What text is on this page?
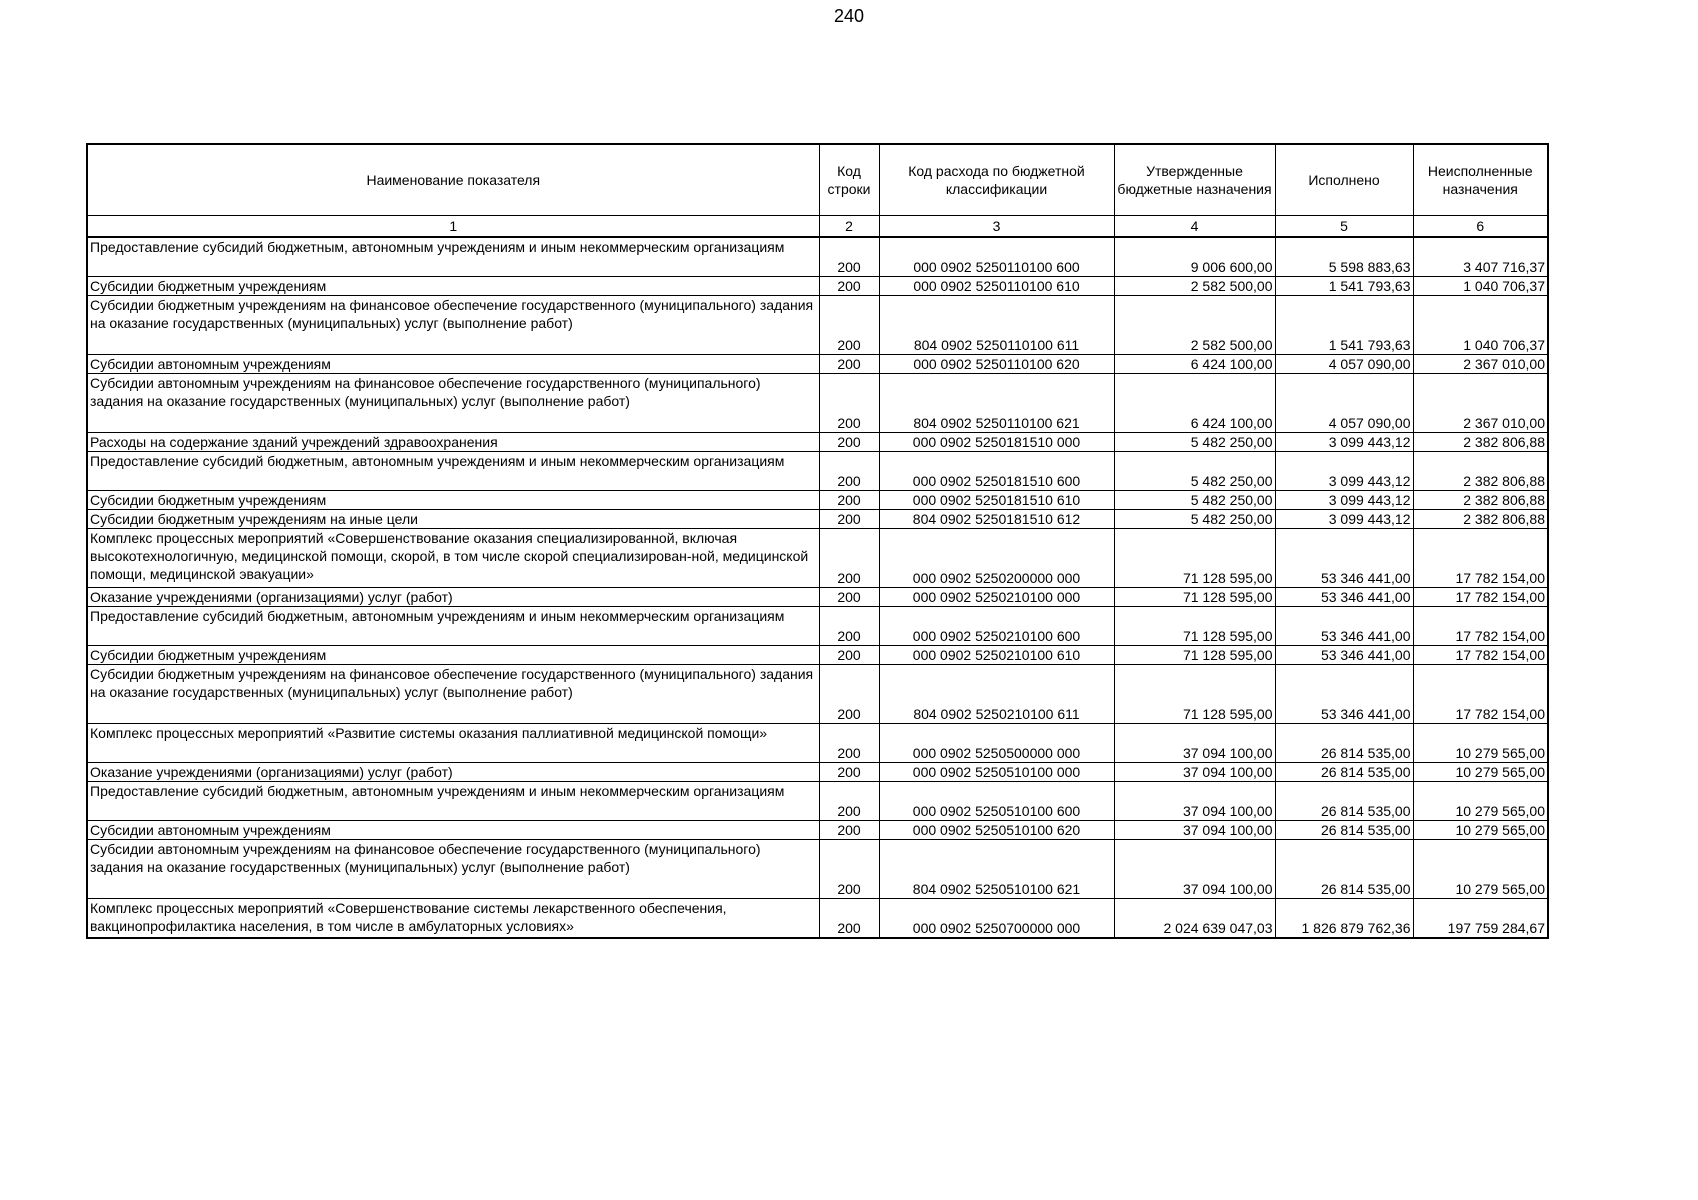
240
Наименование показателя	Код строки	Код расхода по бюджетной классификации	Утвержденные бюджетные назначения	Исполнено	Неисполненные назначения
1	2	3	4	5	6
Предоставление субсидий бюджетным, автономным учреждениям и иным некоммерческим организациям	200	000 0902 5250110100 600	9 006 600,00	5 598 883,63	3 407 716,37
Субсидии бюджетным учреждениям	200	000 0902 5250110100 610	2 582 500,00	1 541 793,63	1 040 706,37
Субсидии бюджетным учреждениям на финансовое обеспечение государственного (муниципального) задания на оказание государственных (муниципальных) услуг (выполнение работ)	200	804 0902 5250110100 611	2 582 500,00	1 541 793,63	1 040 706,37
Субсидии автономным учреждениям	200	000 0902 5250110100 620	6 424 100,00	4 057 090,00	2 367 010,00
Субсидии автономным учреждениям на финансовое обеспечение государственного (муниципального) задания на оказание государственных (муниципальных) услуг (выполнение работ)	200	804 0902 5250110100 621	6 424 100,00	4 057 090,00	2 367 010,00
Расходы на содержание зданий учреждений здравоохранения	200	000 0902 5250181510 000	5 482 250,00	3 099 443,12	2 382 806,88
Предоставление субсидий бюджетным, автономным учреждениям и иным некоммерческим организациям	200	000 0902 5250181510 600	5 482 250,00	3 099 443,12	2 382 806,88
Субсидии бюджетным учреждениям	200	000 0902 5250181510 610	5 482 250,00	3 099 443,12	2 382 806,88
Субсидии бюджетным учреждениям на иные цели	200	804 0902 5250181510 612	5 482 250,00	3 099 443,12	2 382 806,88
Комплекс процессных мероприятий «Совершенствование оказания специализированной, включая высокотехнологичную, медицинской помощи, скорой, в том числе скорой специализирован-ной, медицинской помощи, медицинской эвакуации»	200	000 0902 5250200000 000	71 128 595,00	53 346 441,00	17 782 154,00
Оказание учреждениями (организациями) услуг (работ)	200	000 0902 5250210100 000	71 128 595,00	53 346 441,00	17 782 154,00
Предоставление субсидий бюджетным, автономным учреждениям и иным некоммерческим организациям	200	000 0902 5250210100 600	71 128 595,00	53 346 441,00	17 782 154,00
Субсидии бюджетным учреждениям	200	000 0902 5250210100 610	71 128 595,00	53 346 441,00	17 782 154,00
Субсидии бюджетным учреждениям на финансовое обеспечение государственного (муниципального) задания на оказание государственных (муниципальных) услуг (выполнение работ)	200	804 0902 5250210100 611	71 128 595,00	53 346 441,00	17 782 154,00
Комплекс процессных мероприятий «Развитие системы оказания паллиативной медицинской помощи»	200	000 0902 5250500000 000	37 094 100,00	26 814 535,00	10 279 565,00
Оказание учреждениями (организациями) услуг (работ)	200	000 0902 5250510100 000	37 094 100,00	26 814 535,00	10 279 565,00
Предоставление субсидий бюджетным, автономным учреждениям и иным некоммерческим организациям	200	000 0902 5250510100 600	37 094 100,00	26 814 535,00	10 279 565,00
Субсидии автономным учреждениям	200	000 0902 5250510100 620	37 094 100,00	26 814 535,00	10 279 565,00
Субсидии автономным учреждениям на финансовое обеспечение государственного (муниципального) задания на оказание государственных (муниципальных) услуг (выполнение работ)	200	804 0902 5250510100 621	37 094 100,00	26 814 535,00	10 279 565,00
Комплекс процессных мероприятий «Совершенствование системы лекарственного обеспечения, вакцинопрофилактика населения, в том числе в амбулаторных условиях»	200	000 0902 5250700000 000	2 024 639 047,03	1 826 879 762,36	197 759 284,67
